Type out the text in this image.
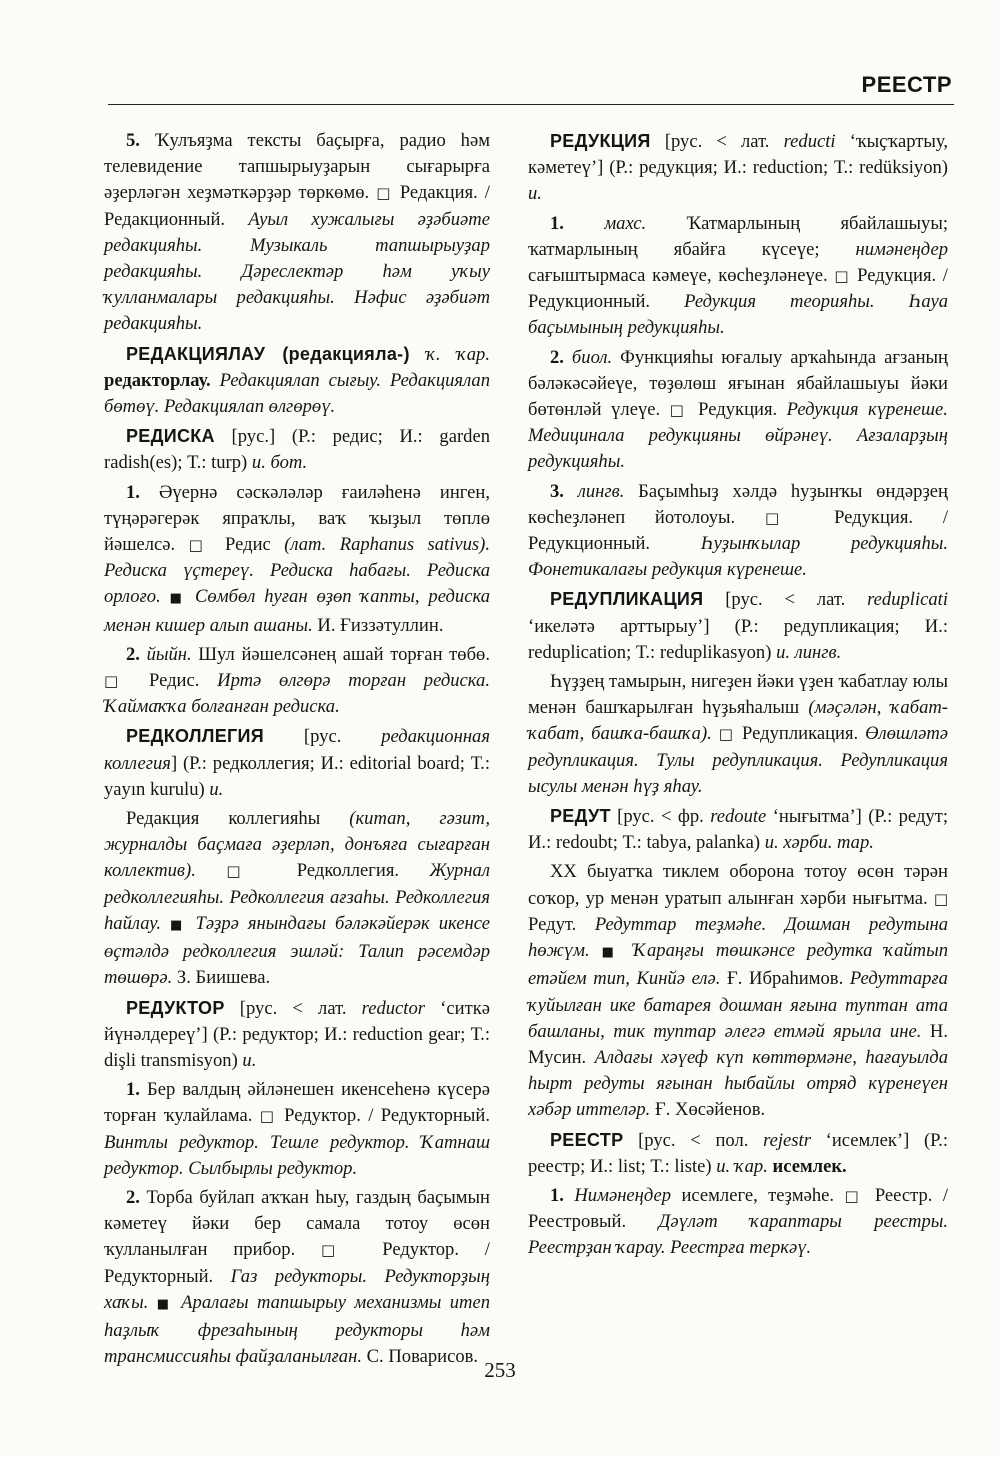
РЕЕСТР

5. Ҡулъяҙма тексты баҫырға, радио һәм телевидение тапшырыуҙарын сығарырға әҙерләгән хеҙмәткәрҙәр төркөмө. □ Редакция. / Редакционный. Ауыл хужалығы әҙәбиәте редакцияһы. Музыкаль тапшырыуҙар редакцияһы. Дәреслектәр һәм уҡыу ҡулланмалары редакцияһы. Нәфис әҙәбиәт редакцияһы.

РЕДАКЦИЯЛАУ (редакцияла-) ҡ. ҡар. редакторлау. Редакциялап сығыу. Редакциялап бөтөү. Редакциялап өлгөрөү.

РЕДИСКА [рус.] (Р.: редис; И.: garden radish(es); Т.: turp) и. бот.

1. Әүернә сәскәләләр ғаиләһенә инген, түңәрәгерәк япраҡлы, ваҡ ҡыҙыл төплө йәшелсә. □ Редис (лат. Raphanus sativus). Редиска үҫтереү. Редиска һабағы. Редиска орлоғо. ■ Сөмбөл һуған өҙөп ҡапты, редиска менән кишер алып ашаны. И. Ғиззәтуллин.

2. йыйн. Шул йәшелсәнең ашай торған төбө. □ Редис. Иртә өлгөрә торған редиска. Ҡаймаҡҡа болғанған редиска.

РЕДКОЛЛЕГИЯ [рус. редакционная коллегия] (Р.: редколлегия; И.: editorial board; Т.: yayın kurulu) и.

Редакция коллегияһы (китап, гәзит, журналды баҫмаға әҙерләп, донъяға сығарған коллектив). □ Редколлегия. Журнал редколлегияһы. Редколлегия ағзаһы. Редколлегия һайлау. ■ Тәҙрә янындағы бәләкәйерәк икенсе өҫтәлдә редколлегия эшләй: Талип рәсемдәр төшөрә. З. Биишева.

РЕДУКТОР [рус. < лат. reductor ‘ситкә йүнәлдереү’] (Р.: редуктор; И.: reduction gear; Т.: dişli transmisyon) и.

1. Бер валдың әйләнешен икенсеһенә күсерә торған ҡулайлама. □ Редуктор. / Редукторный. Винтлы редуктор. Тешле редуктор. Ҡатнаш редуктор. Сылбырлы редуктор.

2. Торба буйлап аҡҡан һыу, газдың баҫымын кәметеү йәки бер самала тотоу өсөн ҡулланылған прибор. □ Редуктор. / Редукторный. Газ редукторы. Редукторҙың хаҡы. ■ Аралағы тапшырыу механизмы итеп һаҙлыҡ фрезаһының редукторы һәм трансмиссияһы файҙаланылған. С. Поварисов.

РЕДУКЦИЯ [рус. < лат. reducti ‘ҡыҫҡартыу, кәметеү’] (Р.: редукция; И.: reduction; Т.: redüksiyon) и.

1. махс. Ҡатмарлының ябайлашыуы; ҡатмарлының ябайға күсеүе; нимәнеңдер сағыштырмаса кәмеүе, көсһеҙләнеүе. □ Редукция. / Редукционный. Редукция теорияһы. Һауа баҫымының редукцияһы.

2. биол. Функцияһы юғалыу арҡаһында ағзаның бәләкәсәйеүе, төҙөлөш яғынан ябайлашыуы йәки бөтөнләй үлеүе. □ Редукция. Редукция күренеше. Медицинала редукцияны өйрәнеү. Ағзаларҙың редукцияһы.

3. лингв. Баҫымһыҙ хәлдә һуҙынҡы өндәрҙең көсһеҙләнеп йотолоуы. □ Редукция. / Редукционный.	Һуҙынҡылар редукцияһы. Фонетикалағы редукция күренеше.

РЕДУПЛИКАЦИЯ [рус. < лат. reduplicati ‘икеләтә арттырыу’] (Р.: редупликация; И.: reduplication; Т.: reduplikasyon) и. лингв.

Һүҙҙең тамырын, нигеҙен йәки үҙен ҡабатлау юлы менән башҡарылған һүҙьяһалыш (мәҫәлән, ҡабат-ҡабат, башҡа-башҡа). □ Редупликация. Өлөшләтә редупликация. Тулы редупликация. Редупликация ысулы менән һүҙ яһау.

РЕДУТ [рус. < фр. redoute ‘нығытма’] (Р.: редут; И.: redoubt; Т.: tabya, palanka) и. хәрби. тар.

XX быуатҡа тиклем оборона тотоу өсөн тәрән соҡор, ур менән уратып алынған хәрби нығытма. □ Редут. Редуттар теҙмәһе. Дошман редутына һөжүм. ■ Ҡараңғы төшкәнсе редутка ҡайтып етәйем тип, Кинйә елә. Ғ. Ибраһимов. Редуттарға ҡуйылған ике батарея дошман яғына туптан ата башланы, тик туптар әлегә етмәй ярыла ине. Н. Мусин. Алдағы хәүеф күп көттөрмәне, һағауылда һырт редуты яғынан һыбайлы отряд күренеүен хәбәр иттеләр. Ғ. Хөсәйенов.

РЕЕСТР [рус. < пол. rejestr ‘исемлек’] (Р.: реестр; И.: list; Т.: liste) и. ҡар. исемлек.

1. Нимәнеңдер исемлеге, теҙмәһе. □ Реестр. / Реестровый. Дәүләт ҡараптары реестры. Реестрҙан ҡарау. Реестрға теркәү.

253
